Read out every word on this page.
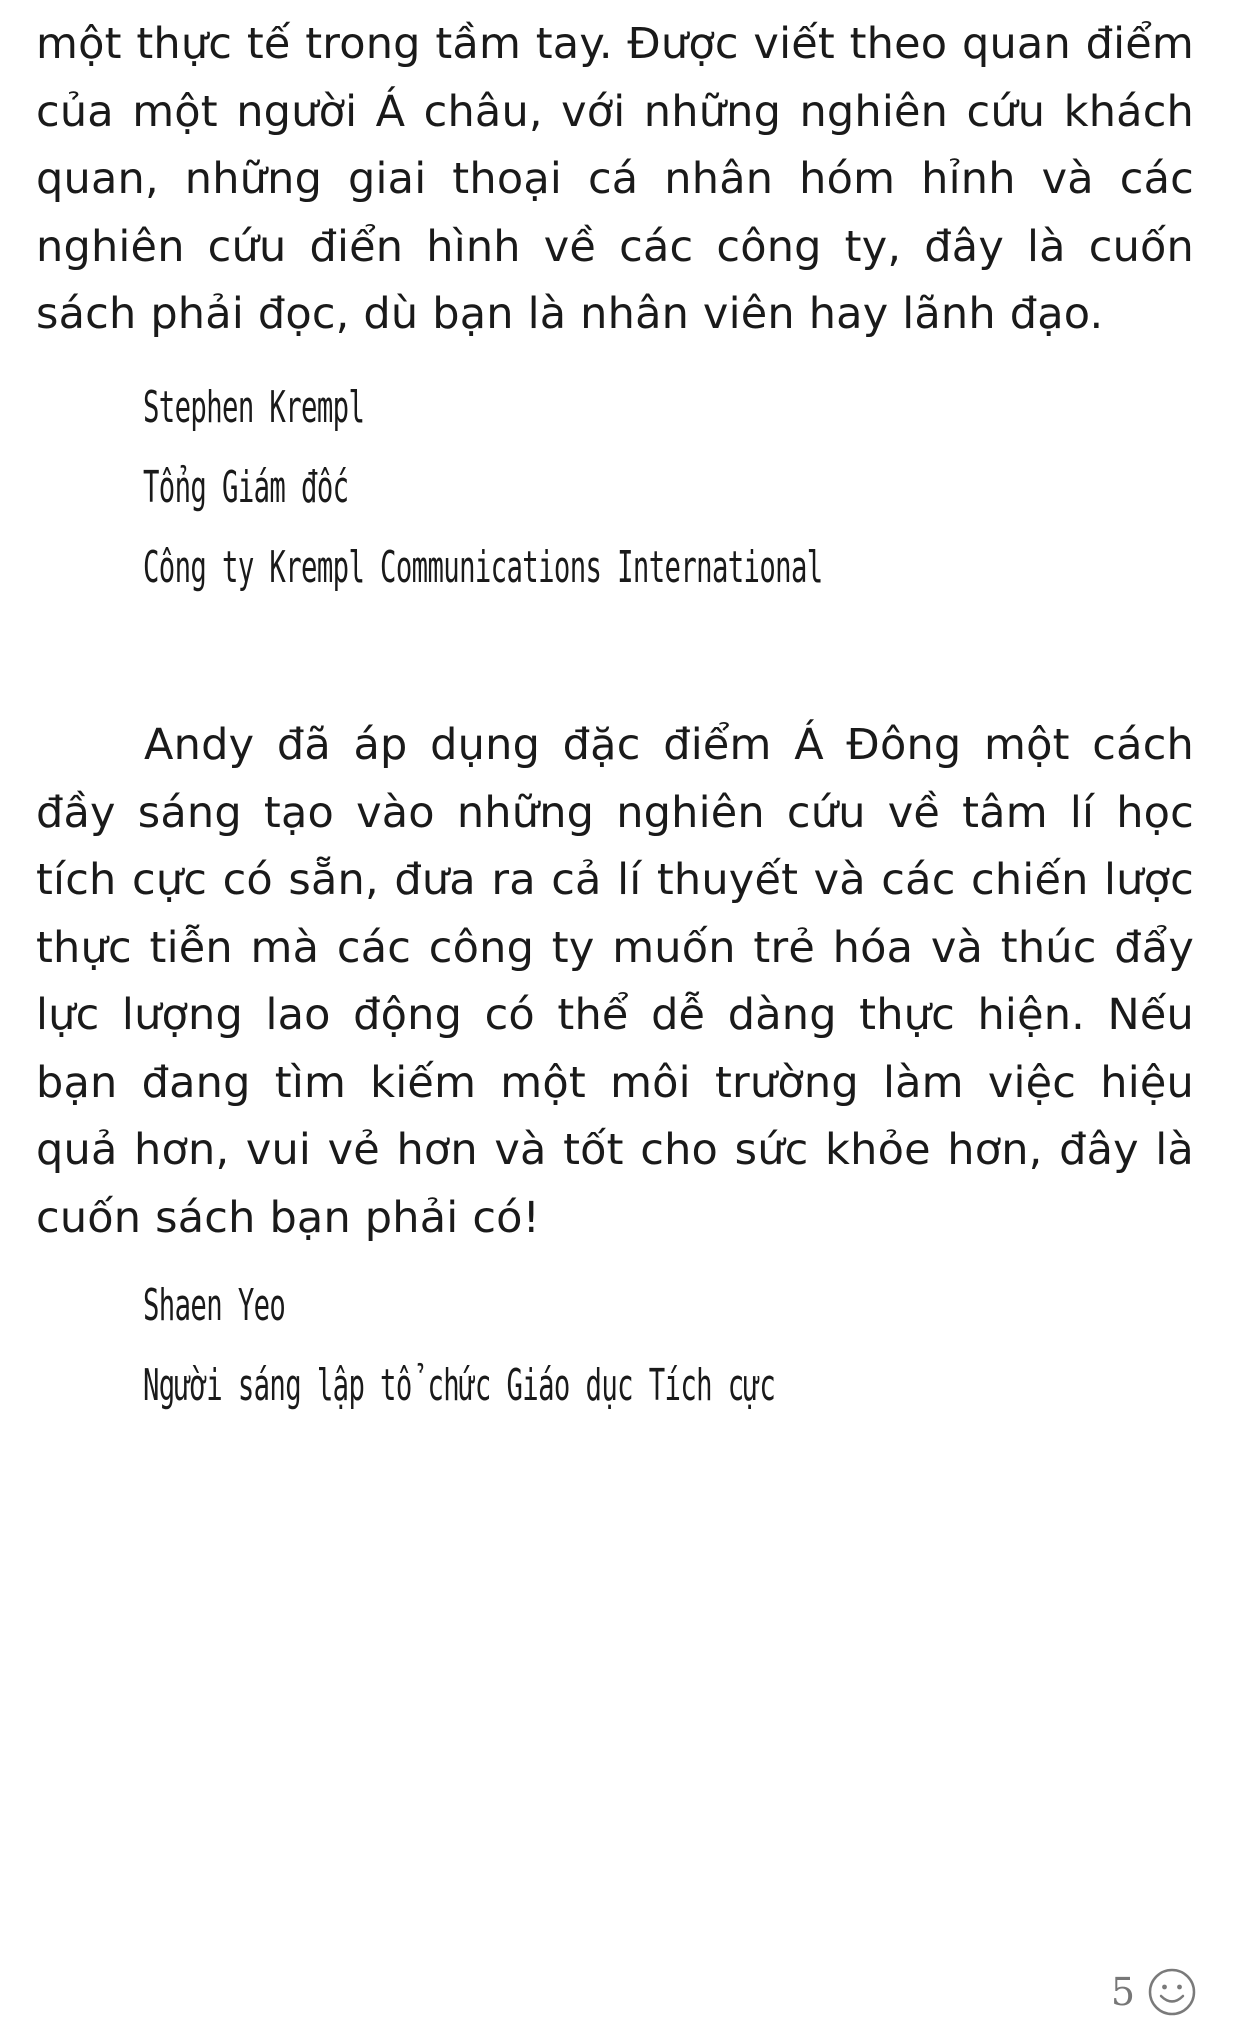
một thực tế trong tầm tay. Được viết theo quan điểm của một người Á châu, với những nghiên cứu khách quan, những giai thoại cá nhân hóm hỉnh và các nghiên cứu điển hình về các công ty, đây là cuốn sách phải đọc, dù bạn là nhân viên hay lãnh đạo.

Stephen Krempl
Tổng Giám đốc
Công ty Krempl Communications International

Andy đã áp dụng đặc điểm Á Đông một cách đầy sáng tạo vào những nghiên cứu về tâm lí học tích cực có sẵn, đưa ra cả lí thuyết và các chiến lược thực tiễn mà các công ty muốn trẻ hóa và thúc đẩy lực lượng lao động có thể dễ dàng thực hiện. Nếu bạn đang tìm kiếm một môi trường làm việc hiệu quả hơn, vui vẻ hơn và tốt cho sức khỏe hơn, đây là cuốn sách bạn phải có!

Shaen Yeo
Người sáng lập tổ chức Giáo dục Tích cực
5
